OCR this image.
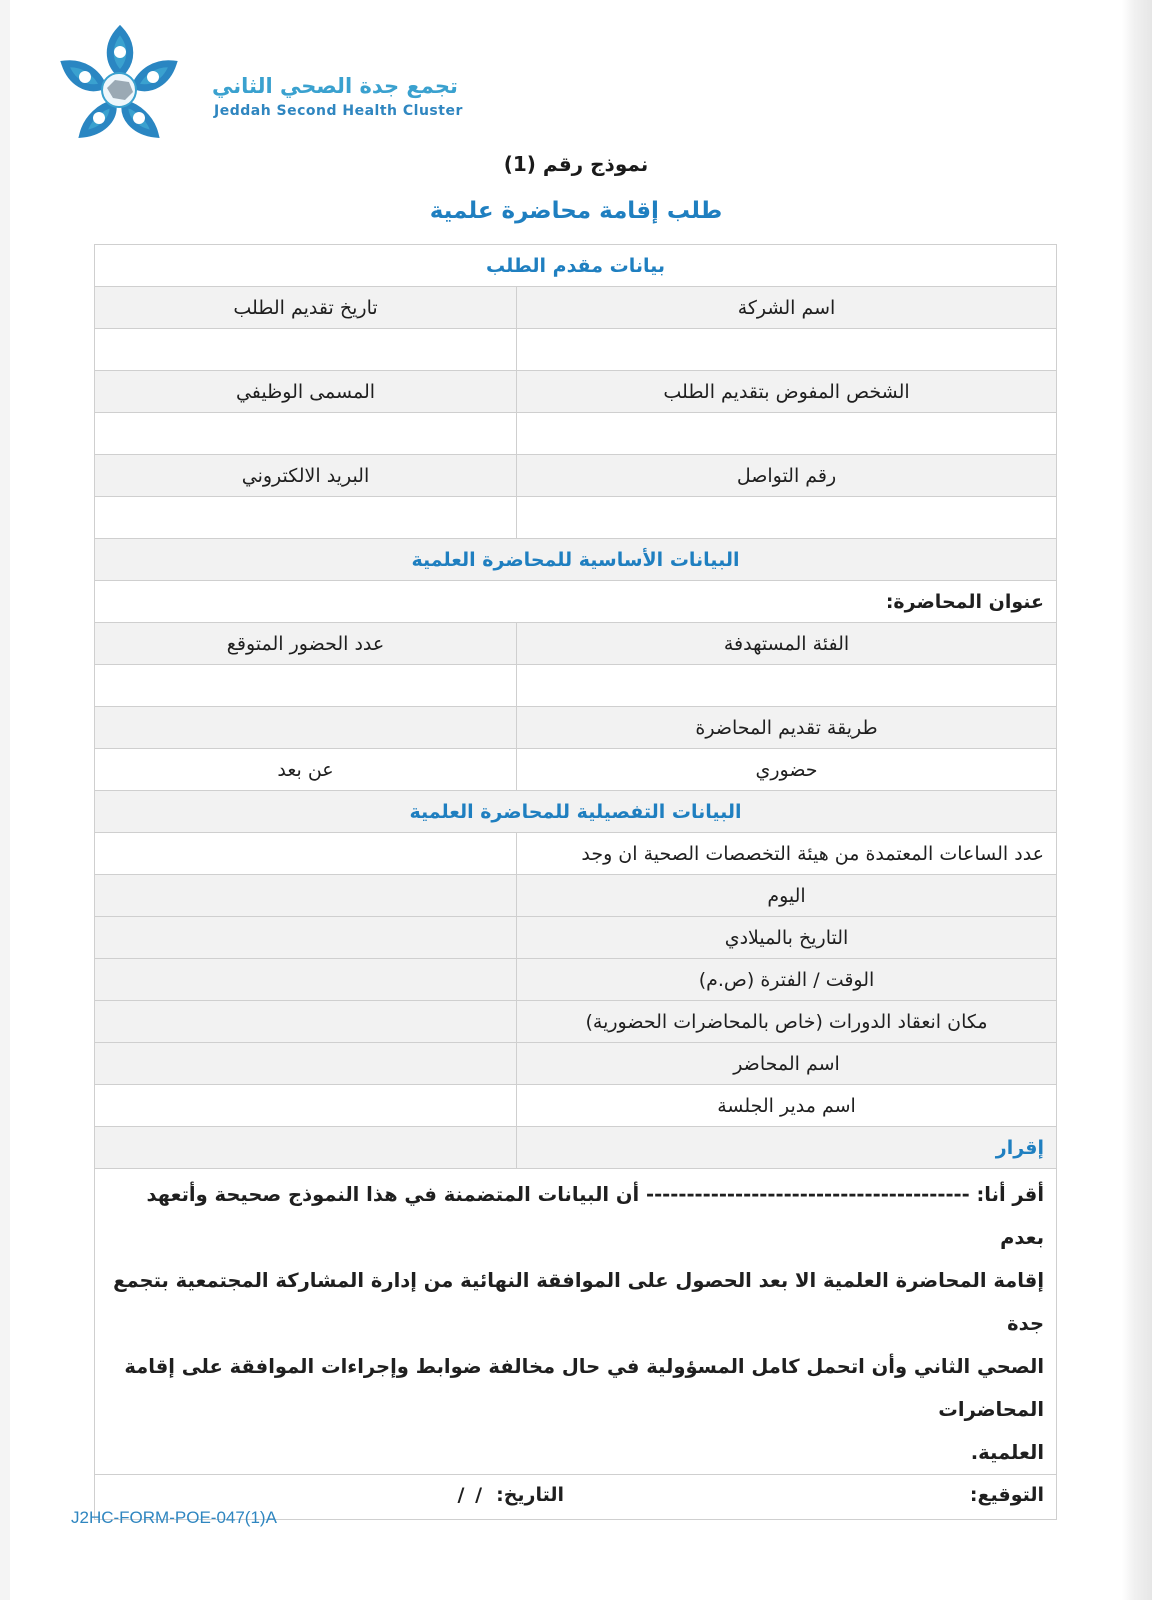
تجمع جدة الصحي الثاني
Jeddah Second Health Cluster
نموذج رقم (1)
طلب إقامة محاضرة علمية
بيانات مقدم الطلب	
اسم الشركة	تاريخ تقديم الطلب

الشخص المفوض بتقديم الطلب	المسمى الوظيفي

رقم التواصل	البريد الالكتروني

البيانات الأساسية للمحاضرة العلمية	
عنوان المحاضرة:	
الفئة المستهدفة	عدد الحضور المتوقع

طريقة تقديم المحاضرة	
حضوري	عن بعد
البيانات التفصيلية للمحاضرة العلمية	
عدد الساعات المعتمدة من هيئة التخصصات الصحية ان وجد	
اليوم	
التاريخ بالميلادي	
الوقت / الفترة (ص.م)	
مكان انعقاد الدورات (خاص بالمحاضرات الحضورية)	
اسم المحاضر	
اسم مدير الجلسة	
إقرار	

أقر أنا: ---------------------------------------- أن البيانات المتضمنة في هذا النموذج صحيحة وأتعهد بعدم
إقامة المحاضرة العلمية الا بعد الحصول على الموافقة النهائية من إدارة المشاركة المجتمعية بتجمع جدة
الصحي الثاني وأن اتحمل كامل المسؤولية في حال مخالفة ضوابط وإجراءات الموافقة على إقامة المحاضرات
العلمية.	

التوقيع:
التاريخ:
/ /	
J2HC-FORM-POE-047(1)A
